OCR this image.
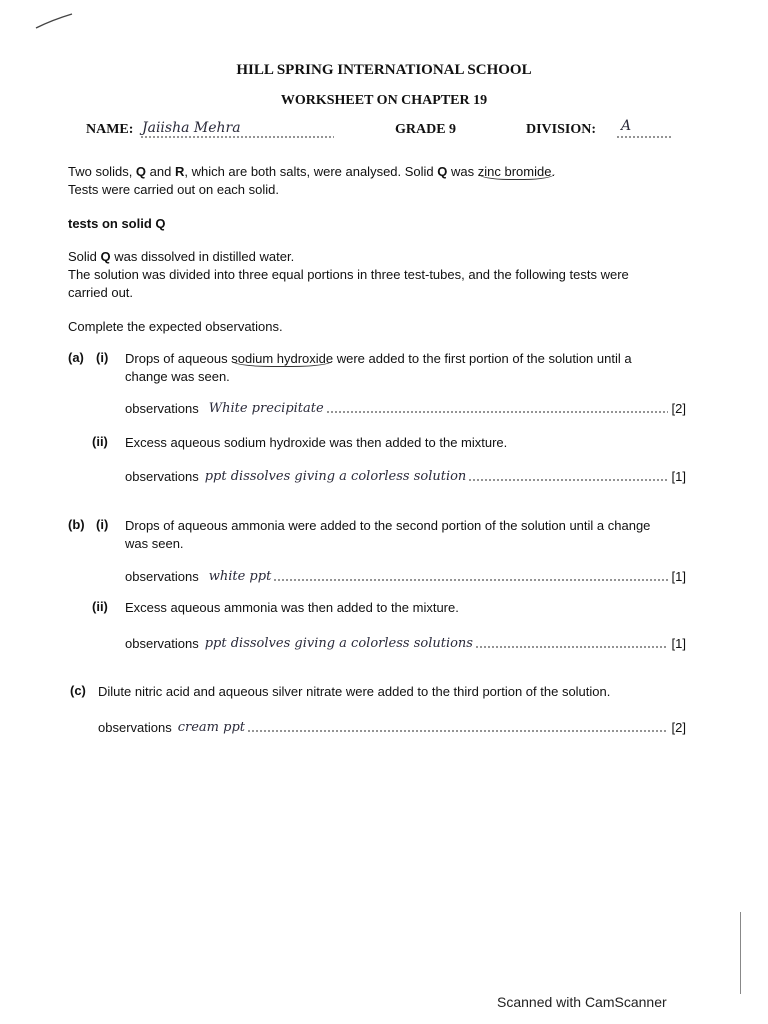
HILL SPRING INTERNATIONAL SCHOOL
WORKSHEET ON CHAPTER 19
NAME: Jaiisha Mehra	GRADE 9	DIVISION: A
Two solids, Q and R, which are both salts, were analysed. Solid Q was zinc bromide.
Tests were carried out on each solid.
tests on solid Q
Solid Q was dissolved in distilled water.
The solution was divided into three equal portions in three test-tubes, and the following tests were
carried out.
Complete the expected observations.
(a) (i) Drops of aqueous sodium hydroxide were added to the first portion of the solution until a
change was seen.
observations White precipitate	[2]
(ii) Excess aqueous sodium hydroxide was then added to the mixture.
observations ppt dissolves giving a colorless solution	[1]
(b) (i) Drops of aqueous ammonia were added to the second portion of the solution until a change
was seen.
observations white ppt	[1]
(ii) Excess aqueous ammonia was then added to the mixture.
observations ppt dissolves giving a colorless solutions	[1]
(c) Dilute nitric acid and aqueous silver nitrate were added to the third portion of the solution.
observations cream ppt	[2]
Scanned with CamScanner
